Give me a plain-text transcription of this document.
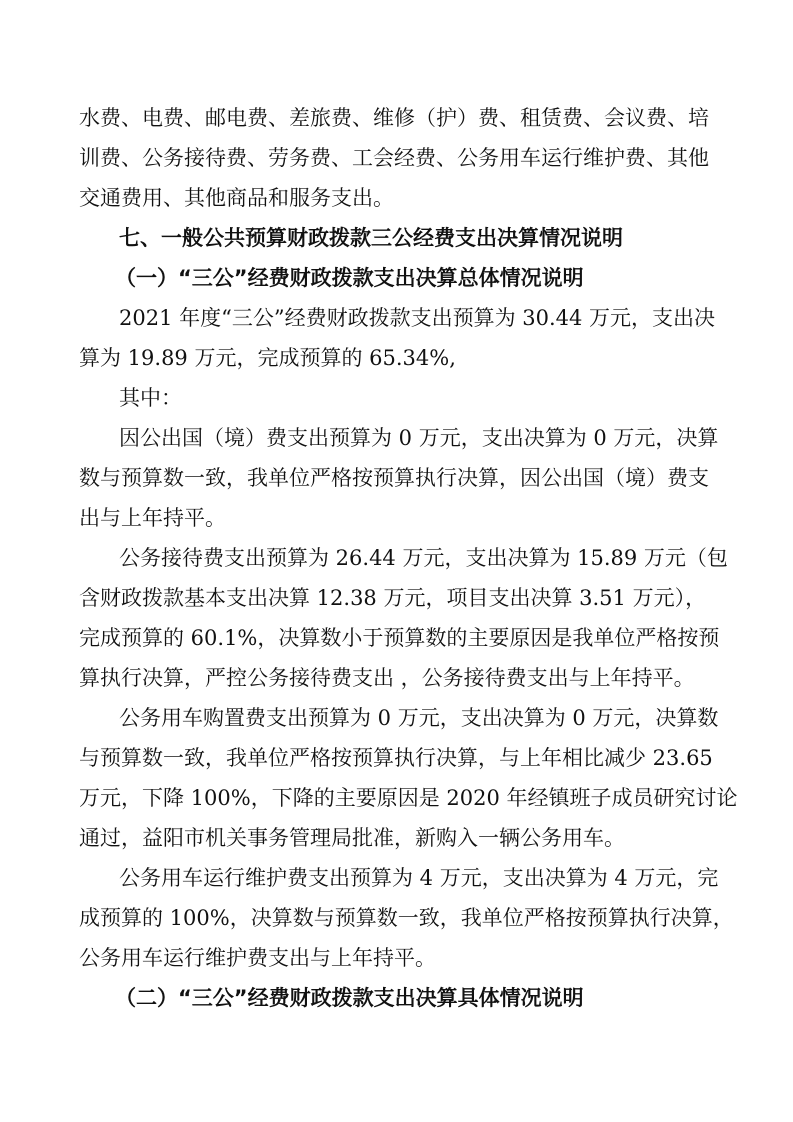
水费、电费、邮电费、差旅费、维修（护）费、租赁费、会议费、培

训费、公务接待费、劳务费、工会经费、公务用车运行维护费、其他

交通费用、其他商品和服务支出。

七、一般公共预算财政拨款三公经费支出决算情况说明

（一）“三公”经费财政拨款支出决算总体情况说明

2021 年度“三公”经费财政拨款支出预算为 30.44 万元，支出决

算为 19.89 万元，完成预算的 65.34%,

其中：

因公出国（境）费支出预算为 0 万元，支出决算为 0 万元，决算

数与预算数一致，我单位严格按预算执行决算，因公出国（境）费支

出与上年持平。

公务接待费支出预算为 26.44 万元，支出决算为 15.89 万元（包

含财政拨款基本支出决算 12.38 万元，项目支出决算 3.51 万元），

完成预算的 60.1%，决算数小于预算数的主要原因是我单位严格按预

算执行决算，严控公务接待费支出 ，公务接待费支出与上年持平。

公务用车购置费支出预算为 0 万元，支出决算为 0 万元，决算数

与预算数一致，我单位严格按预算执行决算，与上年相比减少 23.65

万元，下降 100%，下降的主要原因是 2020 年经镇班子成员研究讨论

通过，益阳市机关事务管理局批准，新购入一辆公务用车。

公务用车运行维护费支出预算为 4 万元，支出决算为 4 万元，完

成预算的 100%，决算数与预算数一致，我单位严格按预算执行决算，

公务用车运行维护费支出与上年持平。

（二）“三公”经费财政拨款支出决算具体情况说明
